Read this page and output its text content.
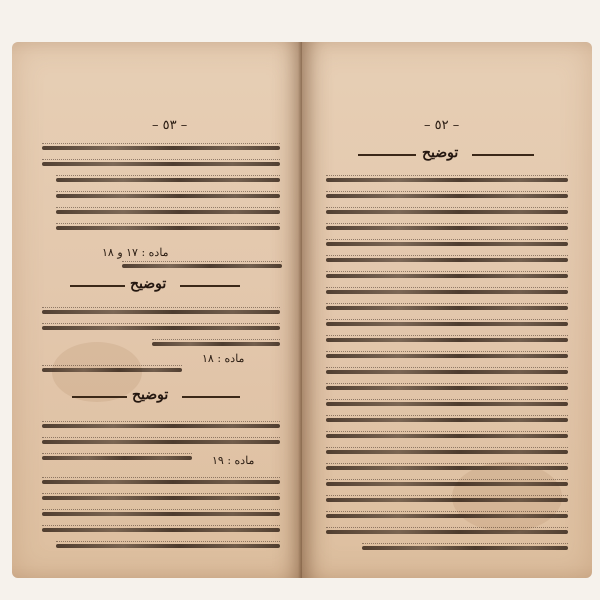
– ٥٣ –
توضيح
ماده : ١٧ و ١٨
ماده : ١٨
توضيح
ماده : ١٩
– ٥٢ –
توضيح
